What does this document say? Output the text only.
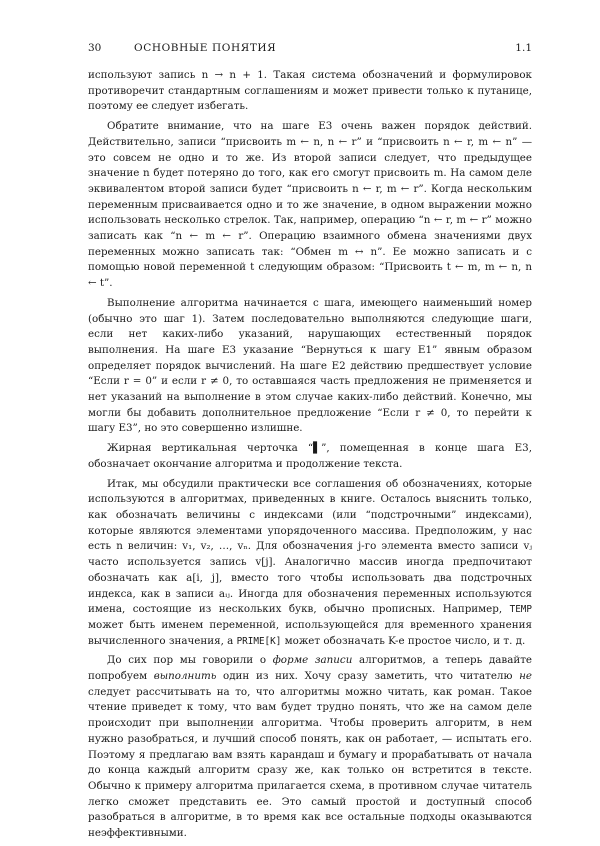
30	ОСНОВНЫЕ ПОНЯТИЯ	1.1

используют запись n → n + 1. Такая система обозначений и формулировок противоречит стандартным соглашениям и может привести только к путанице, поэтому ее следует избегать.

Обратите внимание, что на шаге E3 очень важен порядок действий. Действительно, записи “присвоить m ← n, n ← r” и “присвоить n ← r, m ← n” — это совсем не одно и то же. Из второй записи следует, что предыдущее значение n будет потеряно до того, как его смогут присвоить m. На самом деле эквивалентом второй записи будет “присвоить n ← r, m ← r”. Когда нескольким переменным присваивается одно и то же значение, в одном выражении можно использовать несколько стрелок. Так, например, операцию “n ← r, m ← r” можно записать как “n ← m ← r”. Операцию взаимного обмена значениями двух переменных можно записать так: “Обмен m ↔ n”. Ее можно записать и с помощью новой переменной t следующим образом: “Присвоить t ← m, m ← n, n ← t”.

Выполнение алгоритма начинается с шага, имеющего наименьший номер (обычно это шаг 1). Затем последовательно выполняются следующие шаги, если нет каких-либо указаний, нарушающих естественный порядок выполнения. На шаге E3 указание “Вернуться к шагу E1” явным образом определяет порядок вычислений. На шаге E2 действию предшествует условие “Если r = 0” и если r ≠ 0, то оставшаяся часть предложения не применяется и нет указаний на выполнение в этом случае каких-либо действий. Конечно, мы могли бы добавить дополнительное предложение “Если r ≠ 0, то перейти к шагу E3”, но это совершенно излишне.

Жирная вертикальная черточка “▌”, помещенная в конце шага E3, обозначает окончание алгоритма и продолжение текста.

Итак, мы обсудили практически все соглашения об обозначениях, которые используются в алгоритмах, приведенных в книге. Осталось выяснить только, как обозначать величины с индексами (или “подстрочными” индексами), которые являются элементами упорядоченного массива. Предположим, у нас есть n величин: v₁, v₂, …, vₙ. Для обозначения j-го элемента вместо записи vⱼ часто используется запись v[j]. Аналогично массив иногда предпочитают обозначать как a[i, j], вместо того чтобы использовать два подстрочных индекса, как в записи aᵢⱼ. Иногда для обозначения переменных используются имена, состоящие из нескольких букв, обычно прописных. Например, TEMP может быть именем переменной, использующейся для временного хранения вычисленного значения, а PRIME[K] может обозначать K-е простое число, и т. д.

До сих пор мы говорили о форме записи алгоритмов, а теперь давайте попробуем выполнить один из них. Хочу сразу заметить, что читателю не следует рассчитывать на то, что алгоритмы можно читать, как роман. Такое чтение приведет к тому, что вам будет трудно понять, что же на самом деле происходит при выполнении алгоритма. Чтобы проверить алгоритм, в нем нужно разобраться, и лучший способ понять, как он работает, — испытать его. Поэтому я предлагаю вам взять карандаш и бумагу и прорабатывать от начала до конца каждый алгоритм сразу же, как только он встретится в тексте. Обычно к примеру алгоритма прилагается схема, в противном случае читатель легко сможет представить ее. Это самый простой и доступный способ разобраться в алгоритме, в то время как все остальные подходы оказываются неэффективными.
